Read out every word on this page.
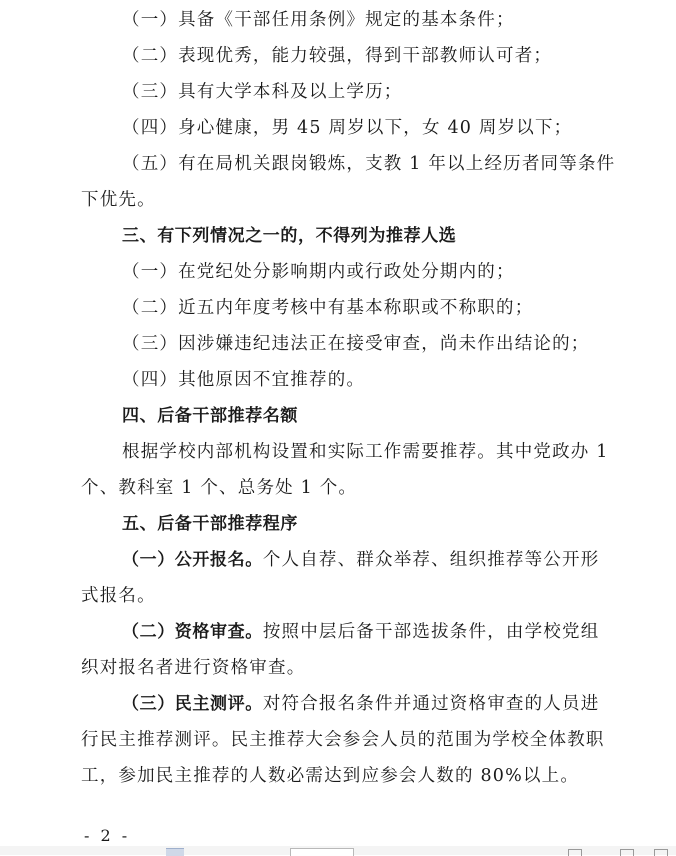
（一）具备《干部任用条例》规定的基本条件；
（二）表现优秀，能力较强，得到干部教师认可者；
（三）具有大学本科及以上学历；
（四）身心健康，男 45 周岁以下，女 40 周岁以下；
（五）有在局机关跟岗锻炼，支教 1 年以上经历者同等条件
下优先。
三、有下列情况之一的，不得列为推荐人选
（一）在党纪处分影响期内或行政处分期内的；
（二）近五内年度考核中有基本称职或不称职的；
（三）因涉嫌违纪违法正在接受审查，尚未作出结论的；
（四）其他原因不宜推荐的。
四、后备干部推荐名额
根据学校内部机构设置和实际工作需要推荐。其中党政办 1
个、教科室 1 个、总务处 1 个。
五、后备干部推荐程序
（一）公开报名。个人自荐、群众举荐、组织推荐等公开形
式报名。
（二）资格审查。按照中层后备干部选拔条件，由学校党组
织对报名者进行资格审查。
（三）民主测评。对符合报名条件并通过资格审查的人员进
行民主推荐测评。民主推荐大会参会人员的范围为学校全体教职
工，参加民主推荐的人数必需达到应参会人数的 80%以上。
- 2 -
